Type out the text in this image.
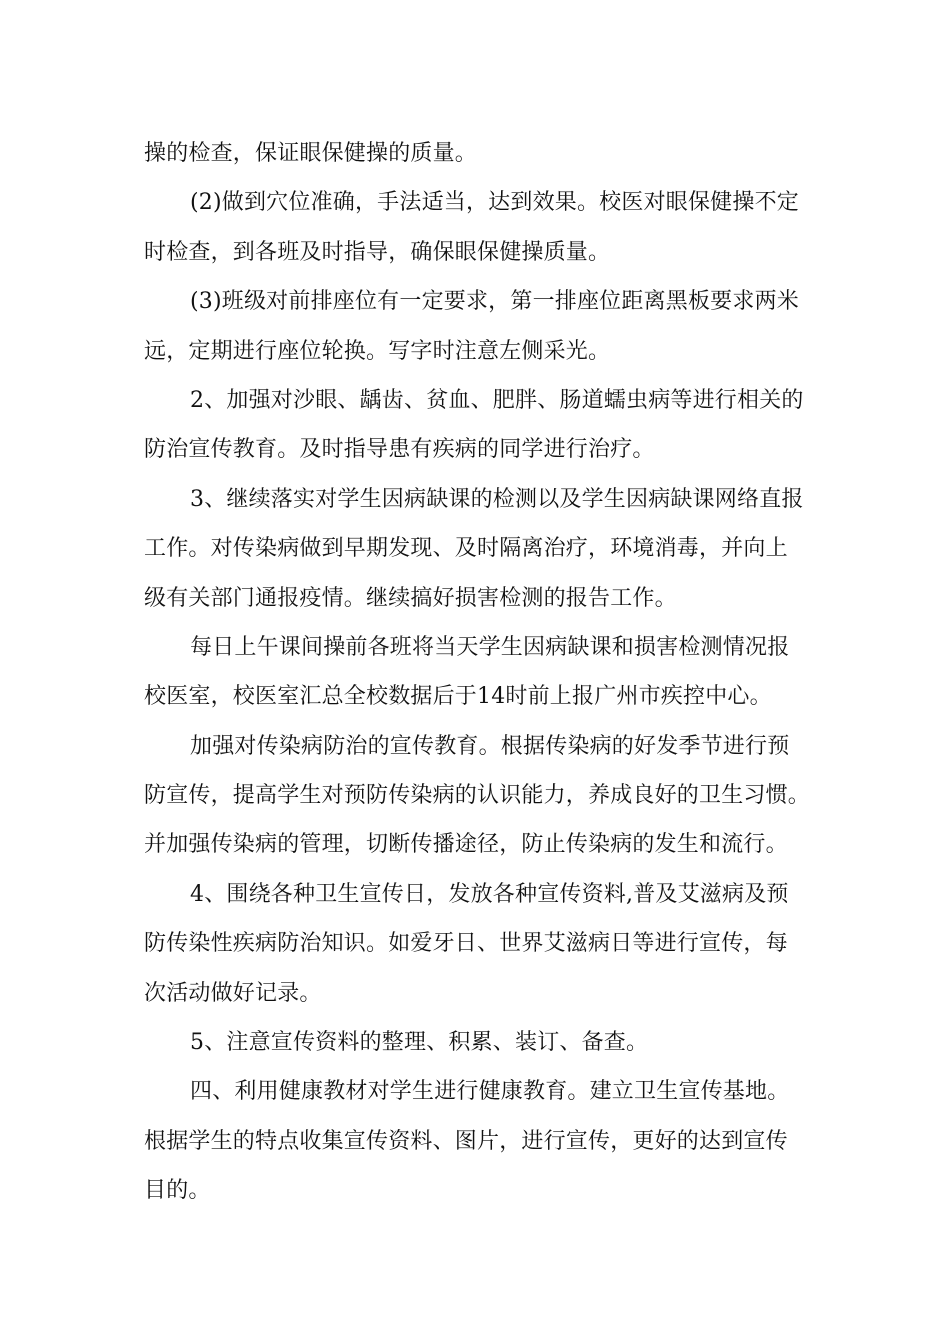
操的检查，保证眼保健操的质量。
(2)做到穴位准确，手法适当，达到效果。校医对眼保健操不定
时检查，到各班及时指导，确保眼保健操质量。
(3)班级对前排座位有一定要求，第一排座位距离黑板要求两米
远，定期进行座位轮换。写字时注意左侧采光。
2、加强对沙眼、龋齿、贫血、肥胖、肠道蠕虫病等进行相关的
防治宣传教育。及时指导患有疾病的同学进行治疗。
3、继续落实对学生因病缺课的检测以及学生因病缺课网络直报
工作。对传染病做到早期发现、及时隔离治疗，环境消毒，并向上
级有关部门通报疫情。继续搞好损害检测的报告工作。
每日上午课间操前各班将当天学生因病缺课和损害检测情况报
校医室，校医室汇总全校数据后于14时前上报广州市疾控中心。
加强对传染病防治的宣传教育。根据传染病的好发季节进行预
防宣传，提高学生对预防传染病的认识能力，养成良好的卫生习惯。
并加强传染病的管理，切断传播途径，防止传染病的发生和流行。
4、围绕各种卫生宣传日，发放各种宣传资料,普及艾滋病及预
防传染性疾病防治知识。如爱牙日、世界艾滋病日等进行宣传，每
次活动做好记录。
5、注意宣传资料的整理、积累、装订、备查。
四、利用健康教材对学生进行健康教育。建立卫生宣传基地。
根据学生的特点收集宣传资料、图片，进行宣传，更好的达到宣传
目的。
